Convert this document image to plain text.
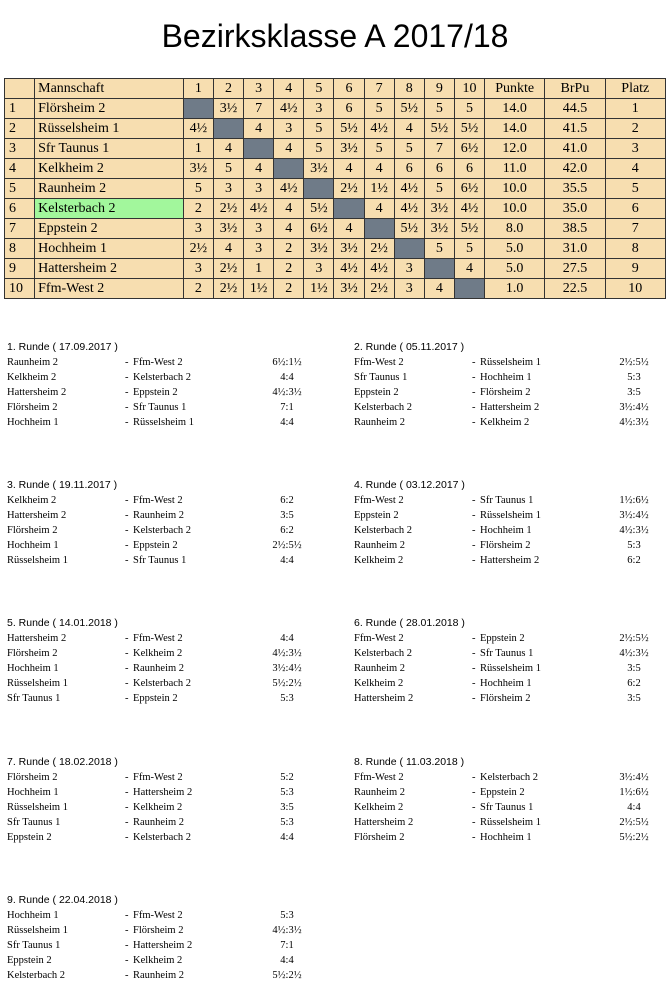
Bezirksklasse A 2017/18
	Mannschaft	1	2	3	4	5	6	7	8	9	10	Punkte	BrPu	Platz
1	Flörsheim 2		3½	7	4½	3	6	5	5½	5	5	14.0	44.5	1
2	Rüsselsheim 1	4½		4	3	5	5½	4½	4	5½	5½	14.0	41.5	2
3	Sfr Taunus 1	1	4		4	5	3½	5	5	7	6½	12.0	41.0	3
4	Kelkheim 2	3½	5	4		3½	4	4	6	6	6	11.0	42.0	4
5	Raunheim 2	5	3	3	4½		2½	1½	4½	5	6½	10.0	35.5	5
6	Kelsterbach 2	2	2½	4½	4	5½		4	4½	3½	4½	10.0	35.0	6
7	Eppstein 2	3	3½	3	4	6½	4		5½	3½	5½	8.0	38.5	7
8	Hochheim 1	2½	4	3	2	3½	3½	2½		5	5	5.0	31.0	8
9	Hattersheim 2	3	2½	1	2	3	4½	4½	3		4	5.0	27.5	9
10	Ffm-West 2	2	2½	1½	2	1½	3½	2½	3	4		1.0	22.5	10
1. Runde ( 17.09.2017 )
Raunheim 2	- Ffm-West 2	6½:1½
Kelkheim 2	- Kelsterbach 2	4:4
Hattersheim 2	- Eppstein 2	4½:3½
Flörsheim 2	- Sfr Taunus 1	7:1
Hochheim 1	- Rüsselsheim 1	4:4
2. Runde ( 05.11.2017 )
Ffm-West 2	- Rüsselsheim 1	2½:5½
Sfr Taunus 1	- Hochheim 1	5:3
Eppstein 2	- Flörsheim 2	3:5
Kelsterbach 2	- Hattersheim 2	3½:4½
Raunheim 2	- Kelkheim 2	4½:3½
3. Runde ( 19.11.2017 )
Kelkheim 2	- Ffm-West 2	6:2
Hattersheim 2	- Raunheim 2	3:5
Flörsheim 2	- Kelsterbach 2	6:2
Hochheim 1	- Eppstein 2	2½:5½
Rüsselsheim 1	- Sfr Taunus 1	4:4
4. Runde ( 03.12.2017 )
Ffm-West 2	- Sfr Taunus 1	1½:6½
Eppstein 2	- Rüsselsheim 1	3½:4½
Kelsterbach 2	- Hochheim 1	4½:3½
Raunheim 2	- Flörsheim 2	5:3
Kelkheim 2	- Hattersheim 2	6:2
5. Runde ( 14.01.2018 )
Hattersheim 2	- Ffm-West 2	4:4
Flörsheim 2	- Kelkheim 2	4½:3½
Hochheim 1	- Raunheim 2	3½:4½
Rüsselsheim 1	- Kelsterbach 2	5½:2½
Sfr Taunus 1	- Eppstein 2	5:3
6. Runde ( 28.01.2018 )
Ffm-West 2	- Eppstein 2	2½:5½
Kelsterbach 2	- Sfr Taunus 1	4½:3½
Raunheim 2	- Rüsselsheim 1	3:5
Kelkheim 2	- Hochheim 1	6:2
Hattersheim 2	- Flörsheim 2	3:5
7. Runde ( 18.02.2018 )
Flörsheim 2	- Ffm-West 2	5:2
Hochheim 1	- Hattersheim 2	5:3
Rüsselsheim 1	- Kelkheim 2	3:5
Sfr Taunus 1	- Raunheim 2	5:3
Eppstein 2	- Kelsterbach 2	4:4
8. Runde ( 11.03.2018 )
Ffm-West 2	- Kelsterbach 2	3½:4½
Raunheim 2	- Eppstein 2	1½:6½
Kelkheim 2	- Sfr Taunus 1	4:4
Hattersheim 2	- Rüsselsheim 1	2½:5½
Flörsheim 2	- Hochheim 1	5½:2½
9. Runde ( 22.04.2018 )
Hochheim 1	- Ffm-West 2	5:3
Rüsselsheim 1	- Flörsheim 2	4½:3½
Sfr Taunus 1	- Hattersheim 2	7:1
Eppstein 2	- Kelkheim 2	4:4
Kelsterbach 2	- Raunheim 2	5½:2½
